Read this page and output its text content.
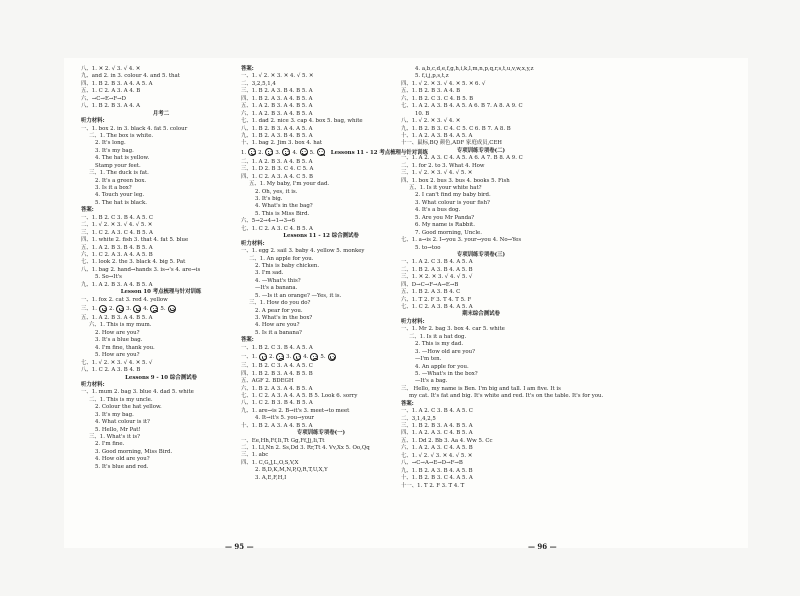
八、1. ✕ 2. √ 3. √ 4. ✕
九、and 2. in 3. colour 4. and 5. that
四、1. B 2. B 3. A 4. A 5. A
五、1. C 2. A 3. A 4. B
六、→C→E→F→D
八、1. B 2. B 3. A 4. A
月考二
听力材料:
一、1. box 2. in 3. black 4. fat 5. colour
二、1. The box is white.
2. It's long.
3. It's my bag.
4. The hat is yellow.
Stamp your feet.
三、1. The duck is fat.
2. It's a green box.
3. Is it a box?
4. Touch your leg.
5. The hat is black.
答案:
一、1. B 2. C 3. B 4. A 5. C
二、1. √ 2. ✕ 3. √ 4. √ 5. ✕
三、1. C 2. A 3. C 4. B 5. A
四、1. white 2. fish 3. that 4. fat 5. blue
五、1. A 2. B 3. B 4. B 5. A
六、1. C 2. A 3. A 4. A 5. B
七、1. look 2. the 3. black 4. big 5. Pat
八、1. bag 2. hand→hands 3. is→'s 4. are→is
5. So→It's
九、1. A 2. B 3. A 4. B 5. A
Lesson 10 考点梳理与针对训练
一、1. fox 2. cat 3. red 4. yellow
三、1. 2. 3. 4. 5.
五、1. A 2. B 3. A 4. B 5. A
六、1. This is my mum.
2. How are you?
3. It's a blue bag.
4. I'm fine, thank you.
5. How are you?
七、1. √ 2. ✕ 3. √ 4. ✕ 5. √
八、1. C 2. A 3. B 4. B
Lessons 9 - 10 综合测试卷
听力材料:
一、1. mum 2. bag 3. blue 4. dad 5. white
二、1. This is my uncle.
2. Colour the hat yellow.
3. It's my bag.
4. What colour is it?
5. Hello, Mr Pat!
三、1. What's it is?
2. I'm fine.
3. Good morning, Miss Bird.
4. How old are you?
5. It's blue and red.
答案:
一、1. √ 2. ✕ 3. ✕ 4. √ 5. ✕
二、3,2,5,1,4
三、1. B 2. A 3. B 4. B 5. A
四、1. B 2. A 3. A 4. B 5. A
五、1. A 2. B 3. A 4. B 5. A
六、1. A 2. B 3. A 4. B 5. A
七、1. dad 2. nice 3. cap 4. box 5. bag, white
八、1. B 2. B 3. A 4. A 5. A
九、1. B 2. A 3. B 4. B 5. A
十、1. bag 2. Jim 3. box 4. hat
1. 2. 3. 4. 5.	Lessons 11 - 12 考点梳理与针对训练
二、1. A 2. B 3. A 4. B 5. A
三、1. D 2. B 3. C 4. C 5. A
四、1. C 2. A 3. A 4. C 5. B
五、1. My baby, I'm your dad.
2. Oh, yes, it is.
3. It's big.
4. What's in the bag?
5. This is Miss Bird.
六、5→2→4→1→3→6
七、1. C 2. A 3. C 4. B 5. A
Lessons 11 - 12 综合测试卷
听力材料:
一、1. egg 2. sail 3. baby 4. yellow 5. monkey
二、1. An apple for you.
2. This is baby chicken.
3. I'm sad.
4. —What's this?
—It's a banana.
5. —Is it an orange? —Yes, it is.
三、1. How do you do?
2. A pear for you.
3. What's in the box?
4. How are you?
5. Is it a banana?
答案:
一、1. B 2. C 3. B 4. A 5. A
一、1. 2. 3. 4. 5.
三、1. B 2. C 3. A 4. A 5. C
四、1. B 2. B 3. A 4. B 5. B
五、AGF 2. BDEGH
六、1. B 2. A 3. A 4. B 5. A
七、1. C 2. A 3. A 4. A 5. B 5. Look 6. sorry
八、1. C 2. B 3. B 4. B 5. A
九、1. are→is 2. B→it's 3. meet→to meet
4. It→it's 5. you→your
十、1. B 2. A 3. A 4. B 5. A
专项训练专项卷(一)
一、Ee,Hh,Ff,Ii,Tt Gg,Ff,Jj,Ii,Tt
二、1. Ll,Nn 2. Ss,Dd 3. Rr,Tt 4. Vv,Xx 5. Oo,Qq
三、1. abc
四、1. C,G,J,L,O,S,V,X
2. B,D,K,M,N,P,Q,R,T,U,X,Y
3. A,E,F,H,I
4. a,b,c,d,e,f,g,h,i,k,l,m,n,p,q,r,s,t,u,v,w,x,y,z
5. f,i,j,p,s,t,z
四、1. √ 2. ✕ 3. √ 4. ✕ 5. ✕ 6. √
五、1. B 2. B 3. A 4. B
六、1. B 2. C 3. C 4. B 5. B
七、1. A 2. A 3. B 4. A 5. A 6. B 7. A 8. A 9. C
10. B
八、1. √ 2. ✕ 3. √ 4. ✕
九、1. B 2. B 3. C 4. C 5. C 6. B 7. A 8. B
十、1. A 2. A 3. B 4. A 5. A
十一、鼠标,BQ 颜色,ADF 家庭成员,CEH
专项训练专项卷(二)
一、1. A 2. A 3. C 4. A 5. A 6. A 7. B 8. A 9. C
二、1. for 2. to 3. What 4. How
三、1. √ 2. ✕ 3. √ 4. √ 5. ✕
四、1. box 2. bus 3. bus 4. books 5. Fish
五、1. Is it your white hat?
2. I can't find my baby bird.
3. What colour is your fish?
4. It's a bus dog.
5. Are you Mr Panda?
6. My name is Rabbit.
7. Good morning, Uncle.
七、1. a→is 2. I→you 3. your→you 4. No→Yes
5. to→too
专项训练专项卷(三)
一、1. A 2. C 3. B 4. A 5. A
二、1. B 2. A 3. B 4. A 5. B
三、1. ✕ 2. ✕ 3. √ 4. √ 5. √
四、D→C→F→A→E→B
五、1. B 2. A 3. B 4. C
六、1. T 2. F 3. T 4. T 5. F
七、1. C 2. A 3. B 4. A 5. A
期末综合测试卷
听力材料:
一、1. Mr 2. bag 3. box 4. car 5. white
二、1. Is it a hat dog.
2. This is my dad.
3. —How old are you?
—I'm ten.
4. An apple for you.
5. —What's in the box?
—It's a bag.
三、 Hello, my name is Ben. I'm big and tall. I am five. It is
my cat. It's fat and big. It's white and red. It's on the table. It's for you.
答案:
一、1. A 2. C 3. B 4. A 5. C
二、3,1,4,2,5
三、1. B 2. B 3. A 4. B 5. A
四、1. A 2. A 3. C 4. B 5. A
五、1. Dd 2. Bb 3. Aa 4. Ww 5. Cc
六、1. A 2. A 3. C 4. A 5. B
七、1. √ 2. √ 3. ✕ 4. √ 5. ✕
八、→C→A→E→D→F→B
九、1. B 2. A 3. B 4. A 5. B
十、1. B 2. B 3. C 4. A 5. A
十一、1. T 2. F 3. T 4. T
— 95 —	— 96 —
